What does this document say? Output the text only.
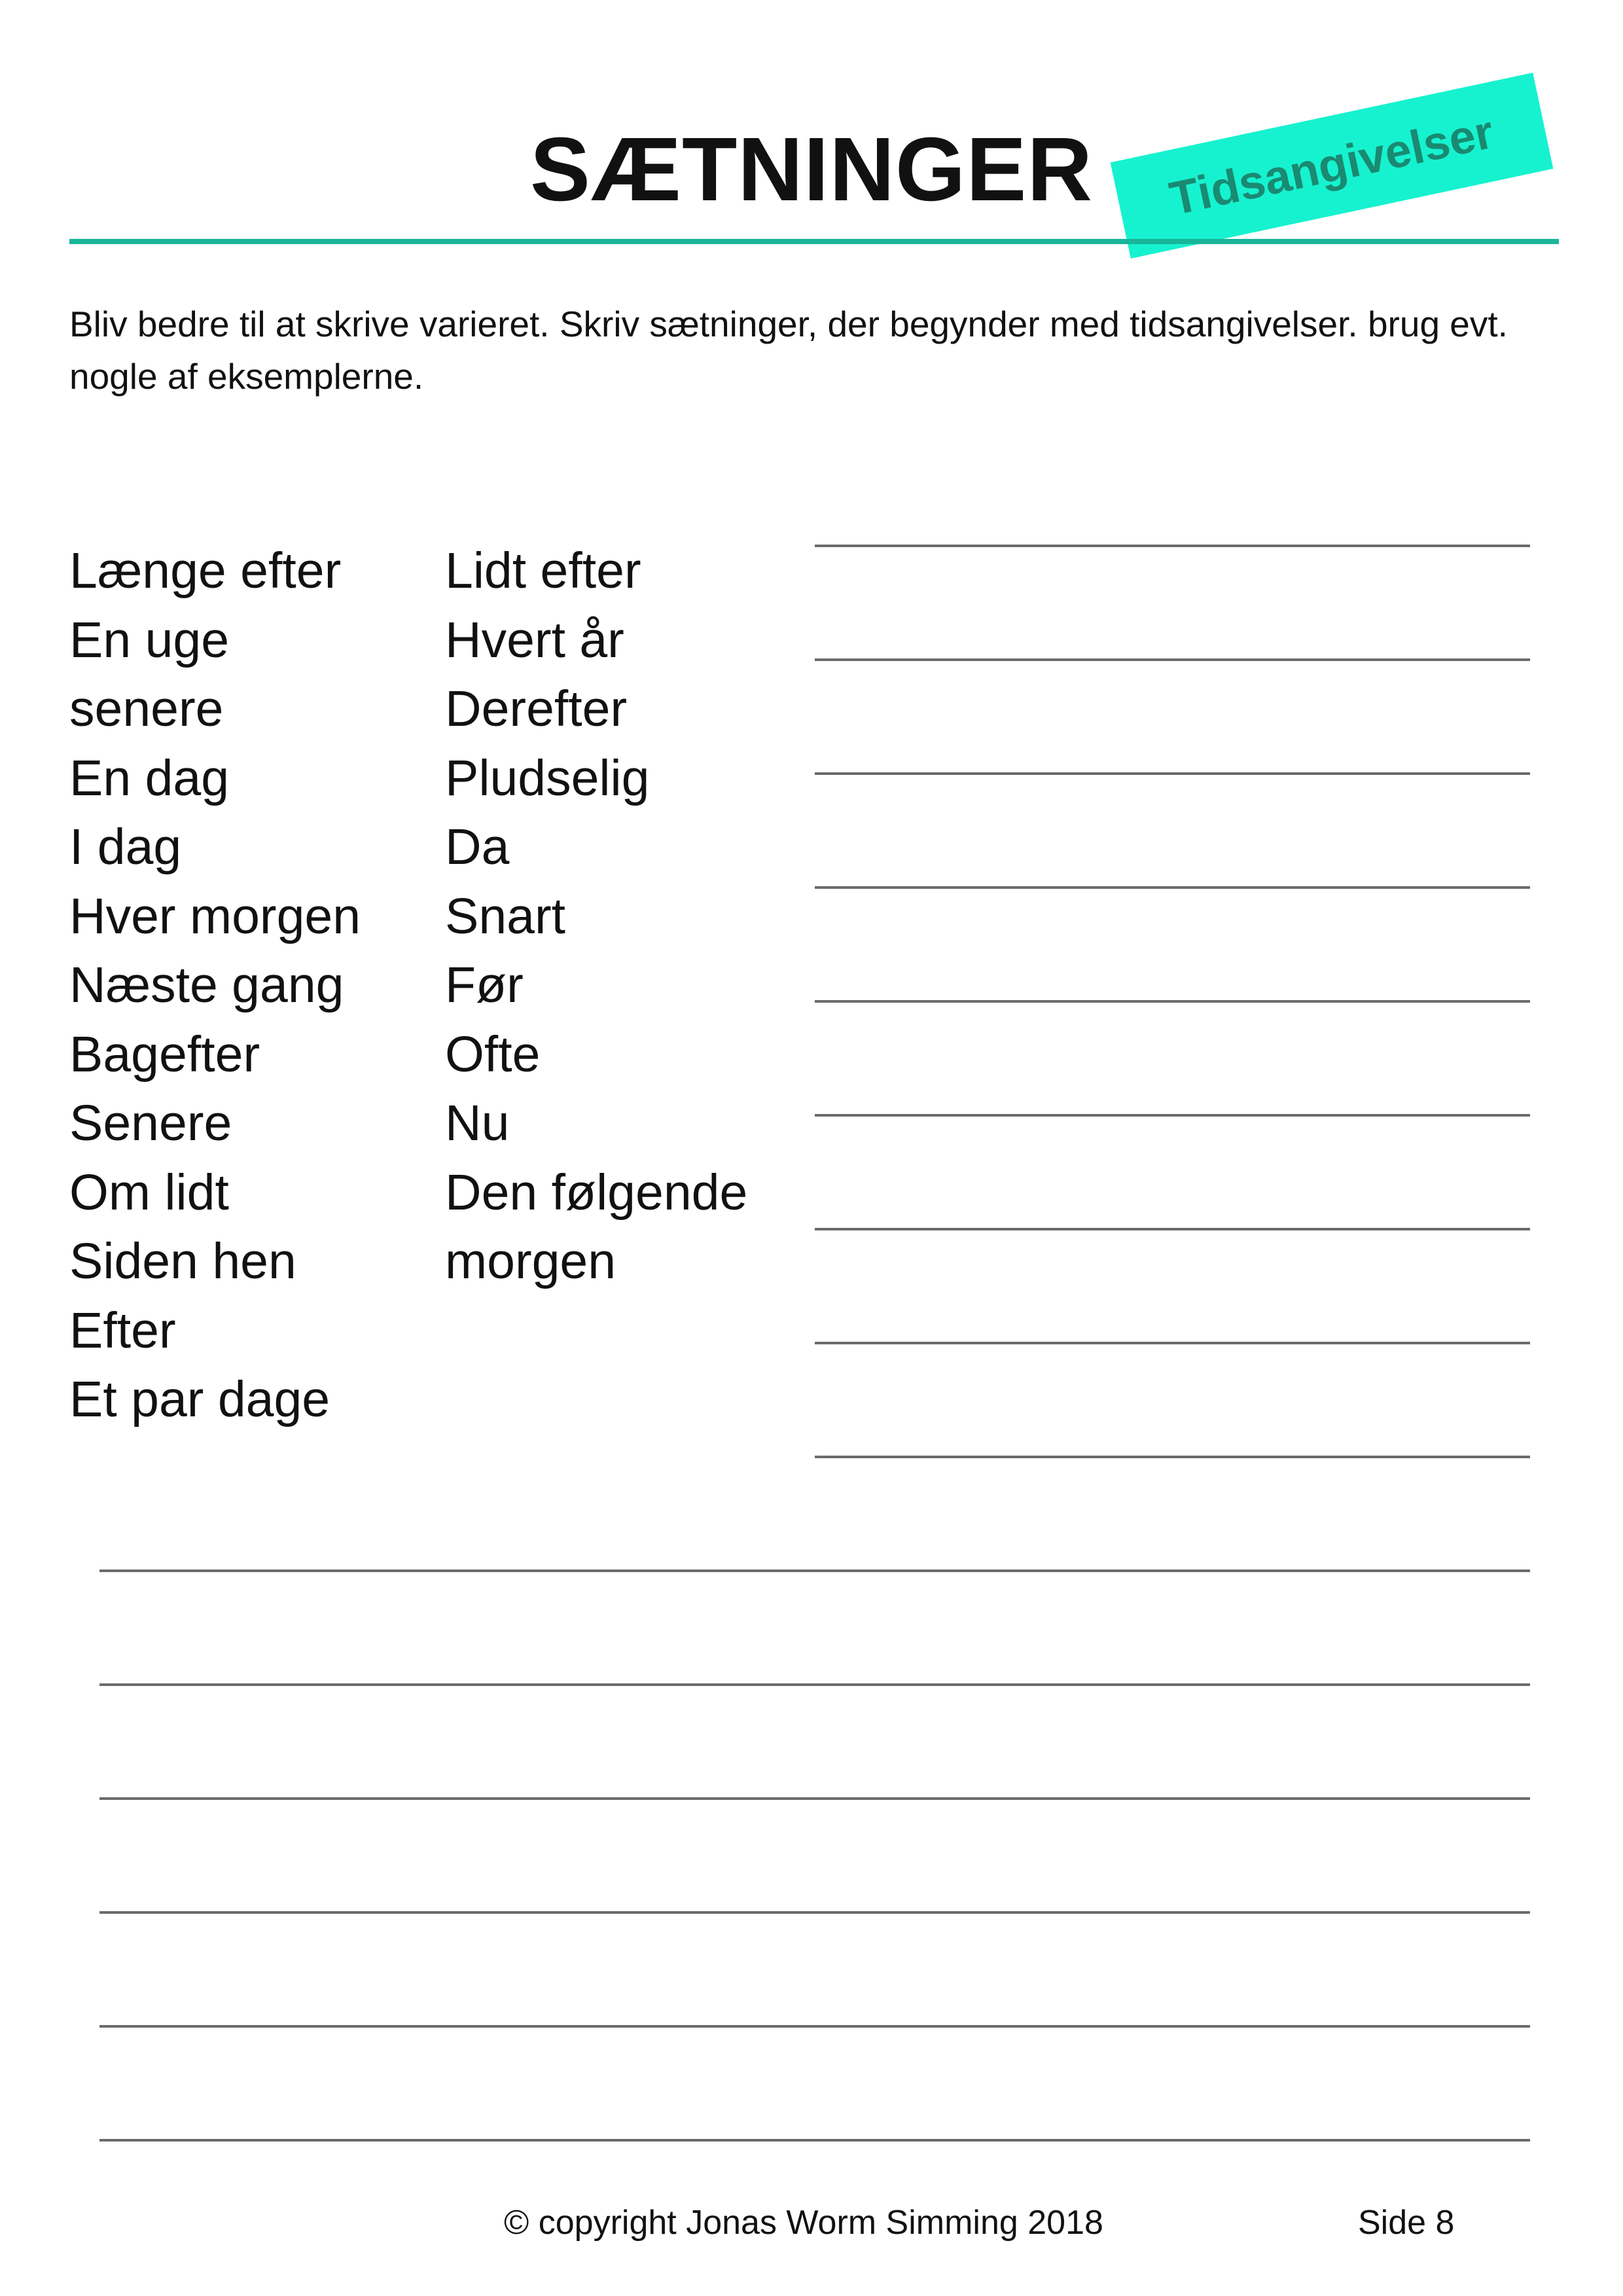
SÆTNINGER	Tidsangivelser

Bliv bedre til at skrive varieret. Skriv sætninger, der begynder med tidsangivelser. brug evt. nogle af eksemplerne.

Længe efter
En uge
senere
En dag
I dag
Hver morgen
Næste gang
Bagefter
Senere
Om lidt
Siden hen
Efter
Et par dage
Lidt efter
Hvert år
Derefter
Pludselig
Da
Snart
Før
Ofte
Nu
Den følgende
morgen
© copyright Jonas Worm Simming 2018	Side 8
